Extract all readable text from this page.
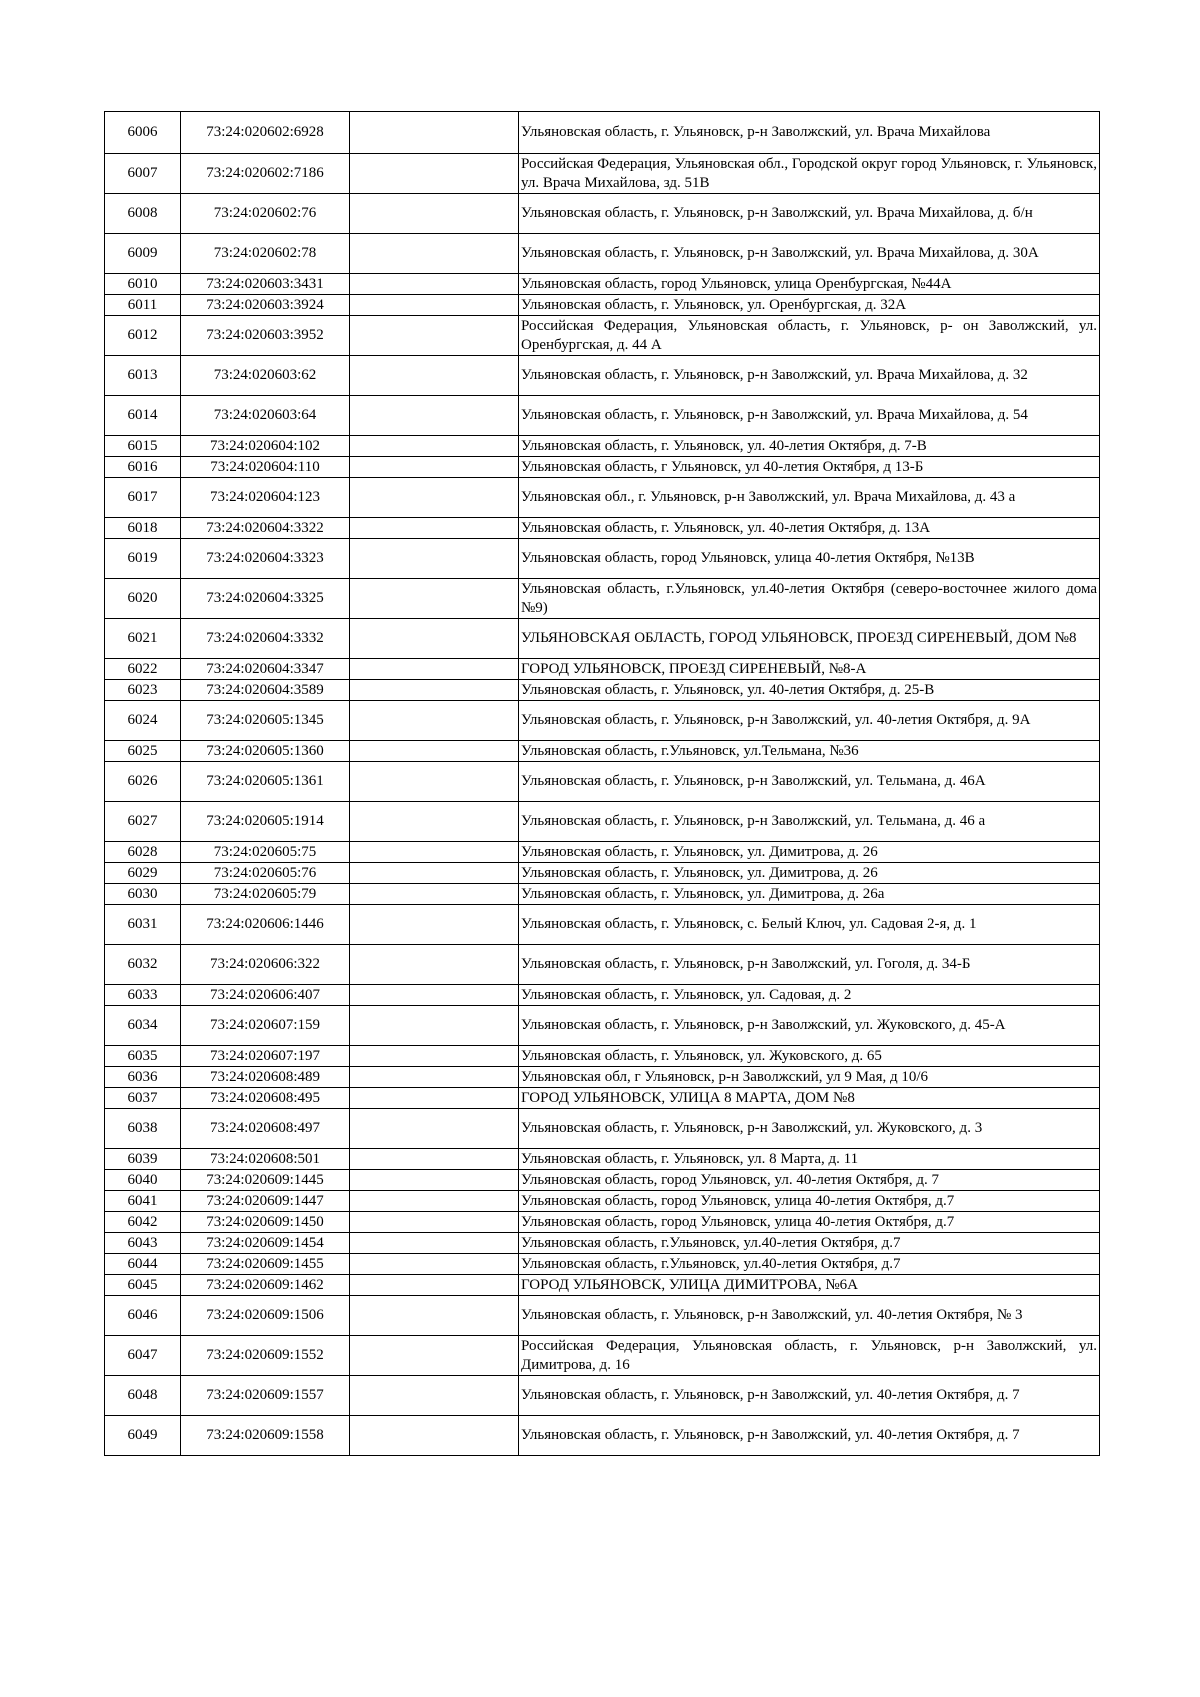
6006	73:24:020602:6928		Ульяновская область, г. Ульяновск, р-н Заволжский, ул. Врача Михайлова
6007	73:24:020602:7186		Российская Федерация, Ульяновская обл., Городской округ город Ульяновск, г. Ульяновск, ул. Врача Михайлова, зд. 51В
6008	73:24:020602:76		Ульяновская область, г. Ульяновск, р-н Заволжский, ул. Врача Михайлова, д. б/н
6009	73:24:020602:78		Ульяновская область, г. Ульяновск, р-н Заволжский, ул. Врача Михайлова, д. 30А
6010	73:24:020603:3431		Ульяновская область, город Ульяновск, улица Оренбургская, №44А
6011	73:24:020603:3924		Ульяновская область, г. Ульяновск, ул. Оренбургская, д. 32А
6012	73:24:020603:3952		Российская Федерация, Ульяновская область, г. Ульяновск, р- он Заволжский, ул. Оренбургская, д. 44 А
6013	73:24:020603:62		Ульяновская область, г. Ульяновск, р-н Заволжский, ул. Врача Михайлова, д. 32
6014	73:24:020603:64		Ульяновская область, г. Ульяновск, р-н Заволжский, ул. Врача Михайлова, д. 54
6015	73:24:020604:102		Ульяновская область, г. Ульяновск, ул. 40-летия Октября, д. 7-В
6016	73:24:020604:110		Ульяновская область, г Ульяновск, ул 40-летия Октября, д 13-Б
6017	73:24:020604:123		Ульяновская обл., г. Ульяновск, р-н Заволжский, ул. Врача Михайлова, д. 43 а
6018	73:24:020604:3322		Ульяновская область, г. Ульяновск, ул. 40-летия Октября, д. 13А
6019	73:24:020604:3323		Ульяновская область, город Ульяновск, улица 40-летия Октября, №13В
6020	73:24:020604:3325		Ульяновская область, г.Ульяновск, ул.40-летия Октября (северо-восточнее жилого дома №9)
6021	73:24:020604:3332		УЛЬЯНОВСКАЯ ОБЛАСТЬ, ГОРОД УЛЬЯНОВСК, ПРОЕЗД СИРЕНЕВЫЙ, ДОМ №8
6022	73:24:020604:3347		ГОРОД УЛЬЯНОВСК, ПРОЕЗД СИРЕНЕВЫЙ, №8-А
6023	73:24:020604:3589		Ульяновская область, г. Ульяновск, ул. 40-летия Октября, д. 25-В
6024	73:24:020605:1345		Ульяновская область, г. Ульяновск, р-н Заволжский, ул. 40-летия Октября, д. 9А
6025	73:24:020605:1360		Ульяновская область, г.Ульяновск, ул.Тельмана, №36
6026	73:24:020605:1361		Ульяновская область, г. Ульяновск, р-н Заволжский, ул. Тельмана, д. 46А
6027	73:24:020605:1914		Ульяновская область, г. Ульяновск, р-н Заволжский, ул. Тельмана, д. 46 а
6028	73:24:020605:75		Ульяновская область, г. Ульяновск, ул. Димитрова, д. 26
6029	73:24:020605:76		Ульяновская область, г. Ульяновск, ул. Димитрова, д. 26
6030	73:24:020605:79		Ульяновская область, г. Ульяновск, ул. Димитрова, д. 26а
6031	73:24:020606:1446		Ульяновская область, г. Ульяновск, с. Белый Ключ, ул. Садовая 2-я, д. 1
6032	73:24:020606:322		Ульяновская область, г. Ульяновск, р-н Заволжский, ул. Гоголя, д. 34-Б
6033	73:24:020606:407		Ульяновская область, г. Ульяновск, ул. Садовая, д. 2
6034	73:24:020607:159		Ульяновская область, г. Ульяновск, р-н Заволжский, ул. Жуковского, д. 45-А
6035	73:24:020607:197		Ульяновская область, г. Ульяновск, ул. Жуковского, д. 65
6036	73:24:020608:489		Ульяновская обл, г Ульяновск, р-н Заволжский, ул 9 Мая, д 10/6
6037	73:24:020608:495		ГОРОД УЛЬЯНОВСК, УЛИЦА 8 МАРТА, ДОМ №8
6038	73:24:020608:497		Ульяновская область, г. Ульяновск, р-н Заволжский, ул. Жуковского, д. 3
6039	73:24:020608:501		Ульяновская область, г. Ульяновск, ул. 8 Марта, д. 11
6040	73:24:020609:1445		Ульяновская область, город Ульяновск, ул. 40-летия Октября, д. 7
6041	73:24:020609:1447		Ульяновская область, город Ульяновск, улица 40-летия Октября, д.7
6042	73:24:020609:1450		Ульяновская область, город Ульяновск, улица 40-летия Октября, д.7
6043	73:24:020609:1454		Ульяновская область, г.Ульяновск, ул.40-летия Октября, д.7
6044	73:24:020609:1455		Ульяновская область, г.Ульяновск, ул.40-летия Октября, д.7
6045	73:24:020609:1462		ГОРОД УЛЬЯНОВСК, УЛИЦА ДИМИТРОВА, №6А
6046	73:24:020609:1506		Ульяновская область, г. Ульяновск, р-н Заволжский, ул. 40-летия Октября, № 3
6047	73:24:020609:1552		Российская Федерация, Ульяновская область, г. Ульяновск, р-н Заволжский, ул. Димитрова, д. 16
6048	73:24:020609:1557		Ульяновская область, г. Ульяновск, р-н Заволжский, ул. 40-летия Октября, д. 7
6049	73:24:020609:1558		Ульяновская область, г. Ульяновск, р-н Заволжский, ул. 40-летия Октября, д. 7
